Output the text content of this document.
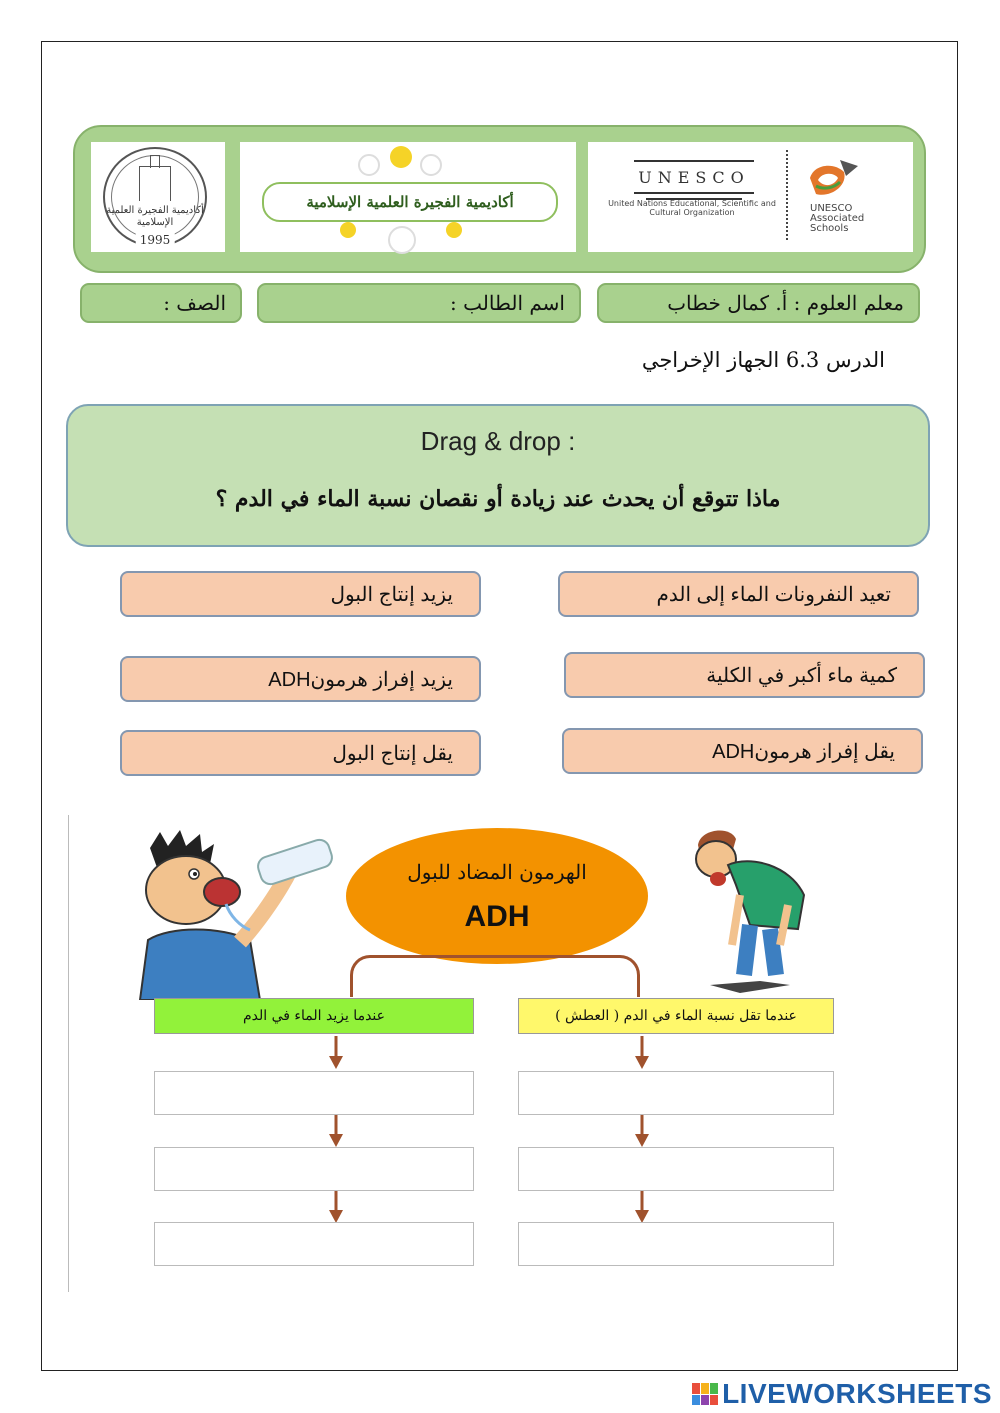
أكاديمية الفجيرة العلمية الإسلامية
1995
أكاديمية الفجيرة العلمية الإسلامية
UNESCO
United Nations Educational, Scientific and Cultural Organization	UNESCO Associated Schools
معلم العلوم : أ. كمال خطاب
اسم الطالب :
الصف :
الدرس 6.3 الجهاز الإخراجي
Drag & drop :
ماذا تتوقع أن يحدث عند زيادة أو نقصان نسبة الماء في الدم ؟
تعيد النفرونات الماء إلى الدم
يزيد إنتاج البول
كمية ماء أكبر في الكلية
يزيد إفراز هرمونADH
يقل إفراز هرمونADH
يقل إنتاج البول
الهرمون المضاد للبول
ADH
عندما يزيد الماء في الدم	عندما تقل نسبة الماء في الدم ( العطش )
LIVEWORKSHEETS
